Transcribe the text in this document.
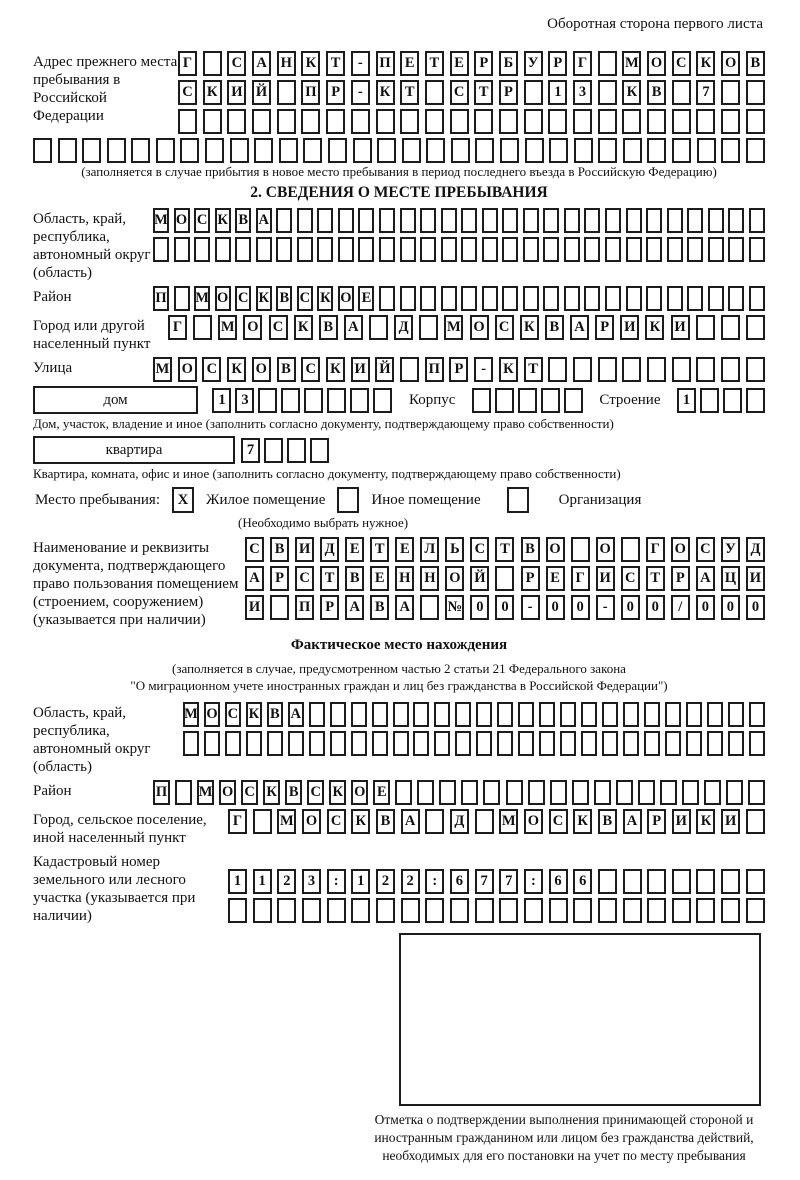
Оборотная сторона первого листа
Адрес прежнего места пребывания в Российской Федерации
Г	С А Н К	Т	-	П Е	Т	Е	Р	Б	У	Р	Г	М О С К О В
С К И Й	П	Р	-	К	Т	С	Т	Р	1	3	К	В	7
(заполняется в случае прибытия в новое место пребывания в период последнего въезда в Российскую Федерацию)
2. СВЕДЕНИЯ О МЕСТЕ ПРЕБЫВАНИЯ
Область, край, республика, автономный округ (область)
М О С К В А
Район	П М О С К В С К О Е
Город или другой населенный пункт
Г	М О С К	В	А	Д	М О С К	В	А	Р	И К И
Улица	М О С К О В	С К И Й	П	Р	-	К	Т
дом	1	3	Корпус	Строение	1
Дом, участок, владение и иное (заполнить согласно документу, подтверждающему право собственности)
квартира	7
Квартира, комната, офис и иное (заполнить согласно документу, подтверждающему право собственности)
Место пребывания:	X	Жилое помещение	Иное помещение	Организация
(Необходимо выбрать нужное)
Наименование и реквизиты документа, подтверждающего право пользования помещением (строением, сооружением) (указывается при наличии)
С	В	И Д	Е	Т	Е	Л	Ь	С	Т	В	О	О	Г	О С У	Д
А	Р	С	Т	В	Е	Н Н О Й	Р	Е	Г	И С	Т	Р	А Ц И
И	П	Р	А	В	А	№ 0	0	-	0	0	-	0	0	/	0	0	0
Фактическое место нахождения
(заполняется в случае, предусмотренном частью 2 статьи 21 Федерального закона
"О миграционном учете иностранных граждан и лиц без гражданства в Российской Федерации")
Область, край, республика, автономный округ (область)
М О С К В А
Район	П М О С К В С К О Е
Город, сельское поселение, иной населенный пункт
Г	М О С К	В	А	Д	М О С К	В	А	Р	И К И
Кадастровый номер земельного или лесного участка (указывается при наличии)
1	1	2	3	:	1	2	2	:	6	7	7	:	6	6
Отметка о подтверждении выполнения принимающей стороной и иностранным гражданином или лицом без гражданства действий, необходимых для его постановки на учет по месту пребывания
